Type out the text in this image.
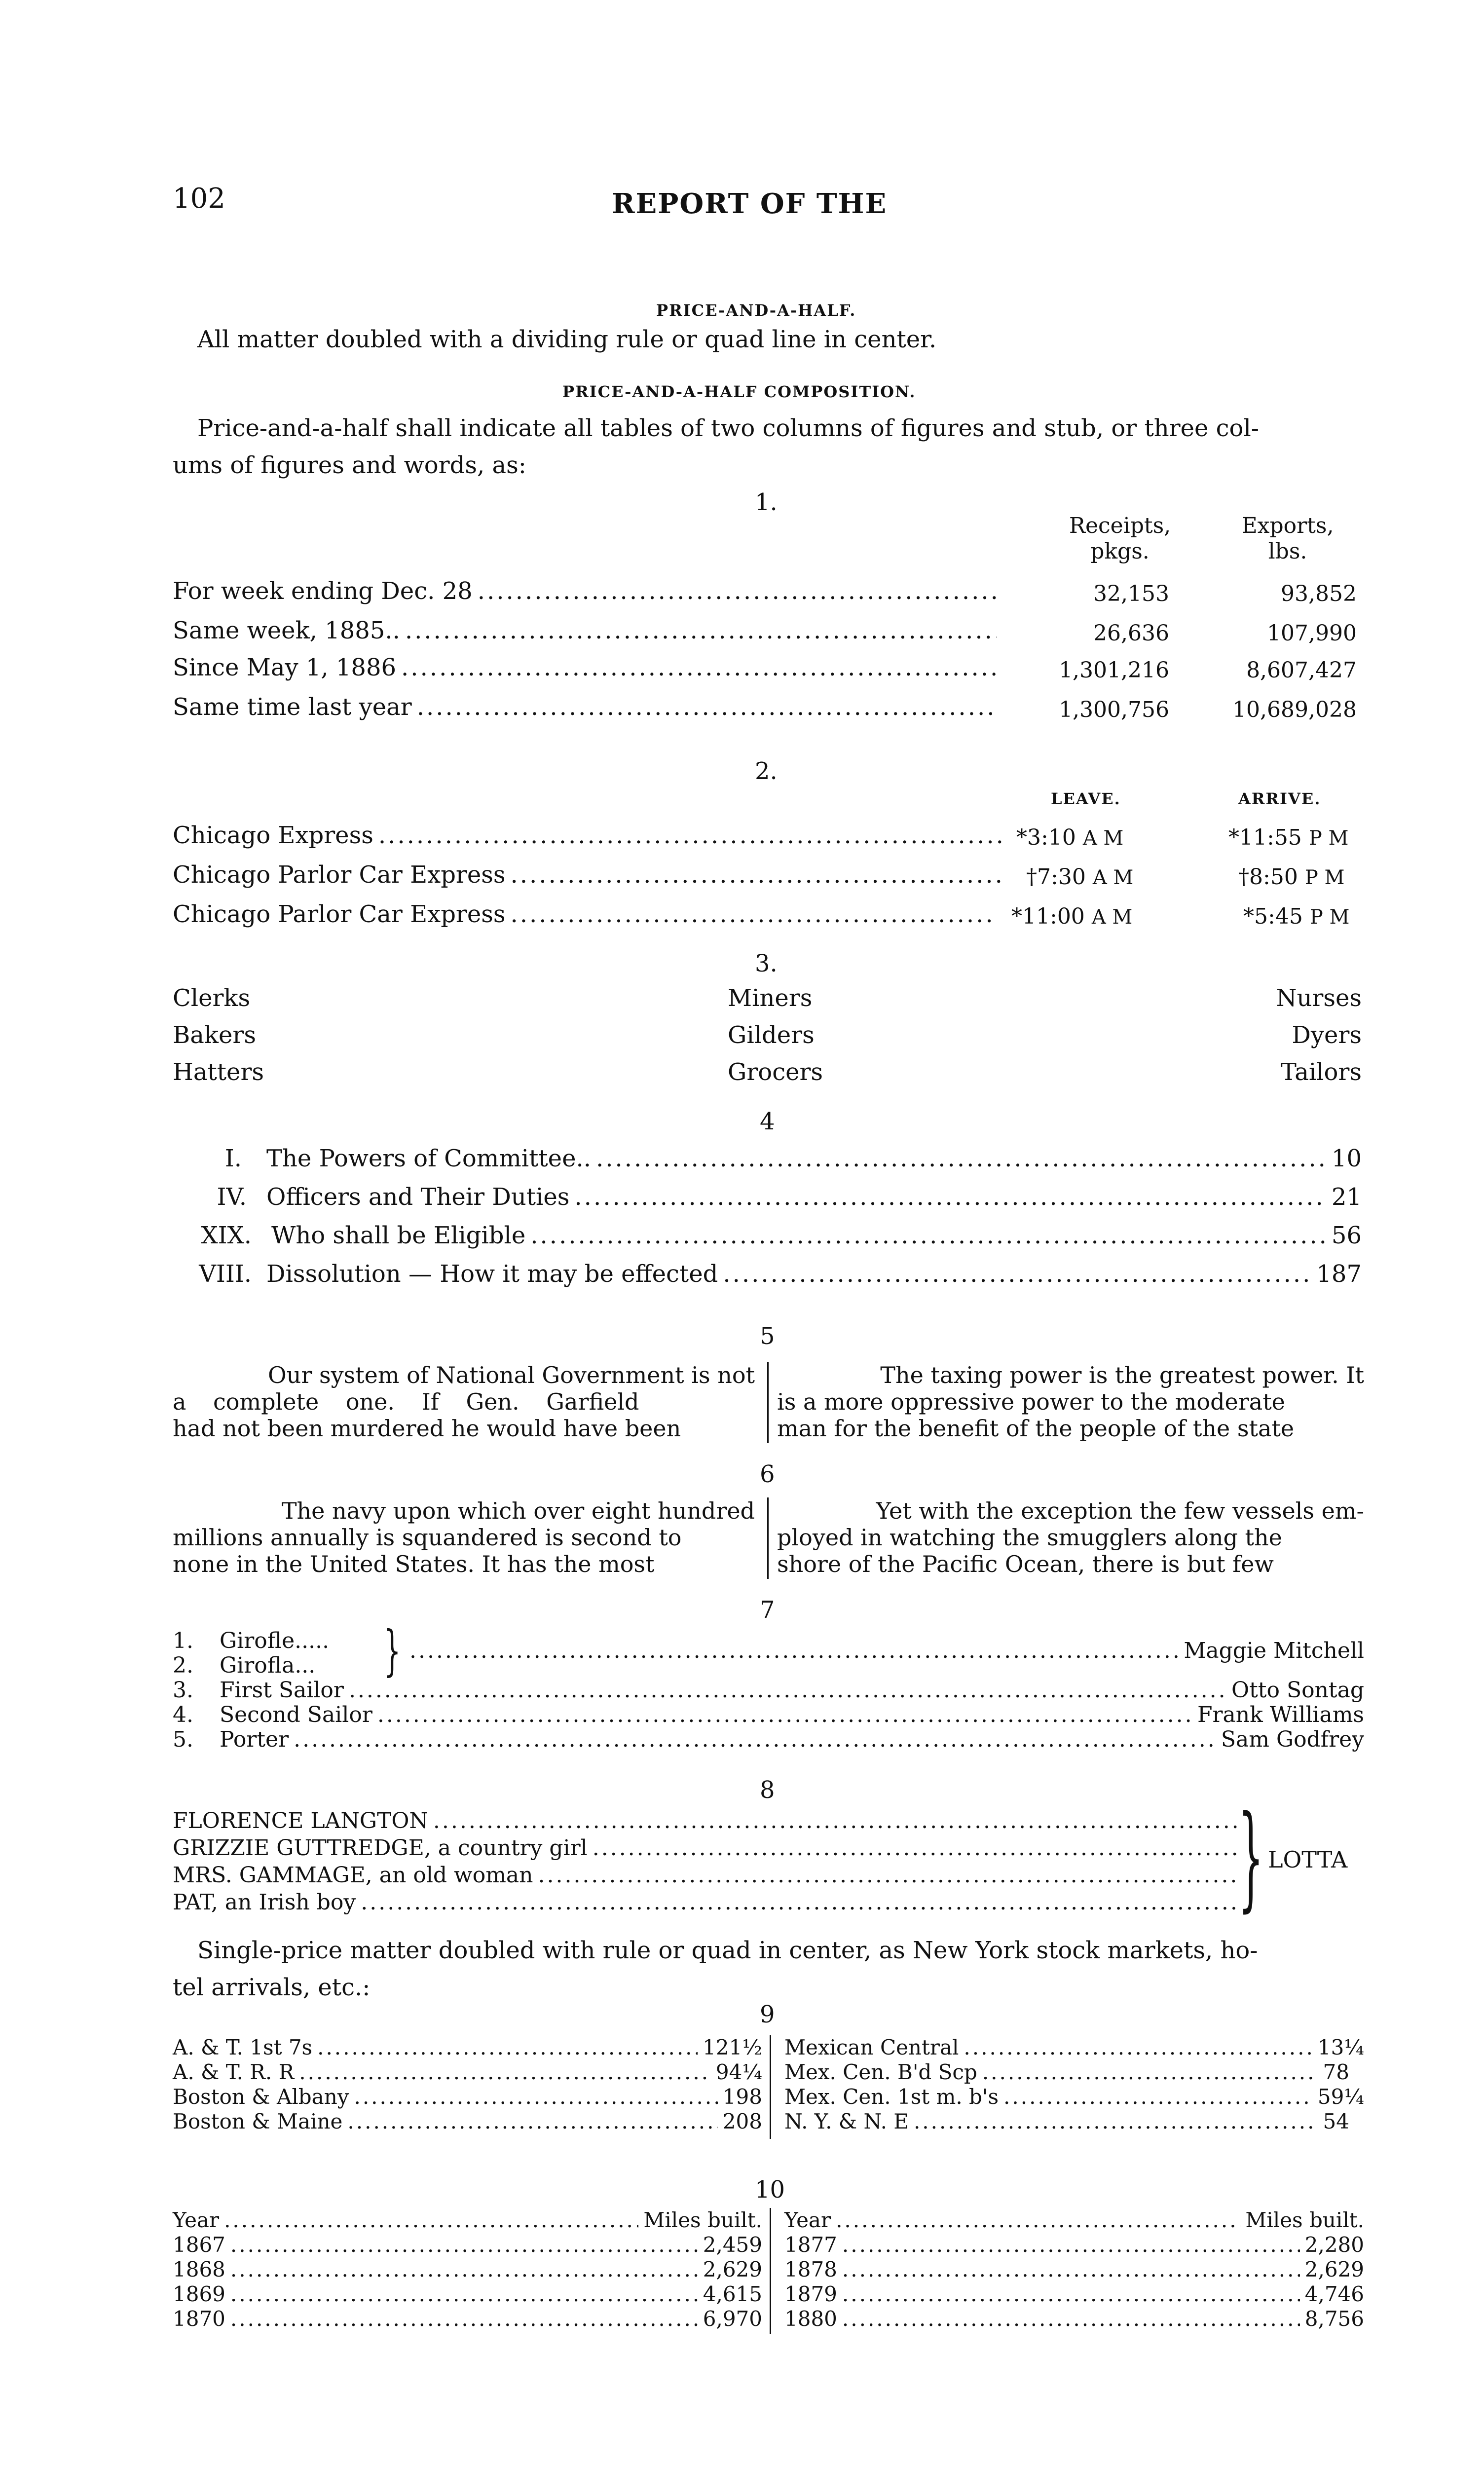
102	REPORT OF THE
PRICE-AND-A-HALF.
All matter doubled with a dividing rule or quad line in center.
PRICE-AND-A-HALF COMPOSITION.
Price-and-a-half shall indicate all tables of two columns of figures and stub, or three col-
ums of figures and words, as:
1.
Receipts,
pkgs.
Exports,
lbs.
For week ending Dec. 28 .....	32,153	93,852
Same week, 1885.. .....	26,636	107,990
Since May 1, 1886 .....	1,301,216	8,607,427
Same time last year .....	1,300,756	10,689,028
2.
LEAVE.	ARRIVE.
Chicago Express .....	*3:10 A M	*11:55 P M
Chicago Parlor Car Express .....	†7:30 A M	†8:50 P M
Chicago Parlor Car Express .....	*11:00 A M	*5:45 P M
3.
Clerks	Miners	Nurses
Bakers	Gilders	Dyers
Hatters	Grocers	Tailors
4
I. The Powers of Committee.. .....	10
IV. Officers and Their Duties .....	21
XIX. Who shall be Eligible .....	56
VIII. Dissolution — How it may be effected .....	187
5
Our system of National Government is not
a complete one. If Gen. Garfield
had not been murdered he would have been
The taxing power is the greatest power. It
is a more oppressive power to the moderate
man for the benefit of the people of the state
6
The navy upon which over eight hundred
millions annually is squandered is second to
none in the United States. It has the most
Yet with the exception the few vessels em-
ployed in watching the smugglers along the
shore of the Pacific Ocean, there is but few
7
1. Girofle.....
2. Girofla... } .....	Maggie Mitchell
3. First Sailor .....	Otto Sontag
4. Second Sailor .....	Frank Williams
5. Porter .....	Sam Godfrey
8
FLORENCE LANGTON
.....
GRIZZIE GUTTREDGE, a country girl
.....
MRS. GAMMAGE, an old woman
.....
PAT, an Irish boy .....	} LOTTA
Single-price matter doubled with rule or quad in center, as New York stock markets, ho-
tel arrivals, etc.:
9
A. & T. 1st 7s .....	121½
A. & T. R. R .....	94¼
Boston & Albany .....	198
Boston & Maine .....	208
Mexican Central .....	13¼
Mex. Cen. B'd Scp .....	78
Mex. Cen. 1st m. b's .....	59¼
N. Y. & N. E .....	54
10
Year .....	Miles built.
1867 .....	2,459
1868 .....	2,629
1869 .....	4,615
1870 .....	6,970
Year .....	Miles built.
1877 .....	2,280
1878 .....	2,629
1879 .....	4,746
1880 .....	8,756
